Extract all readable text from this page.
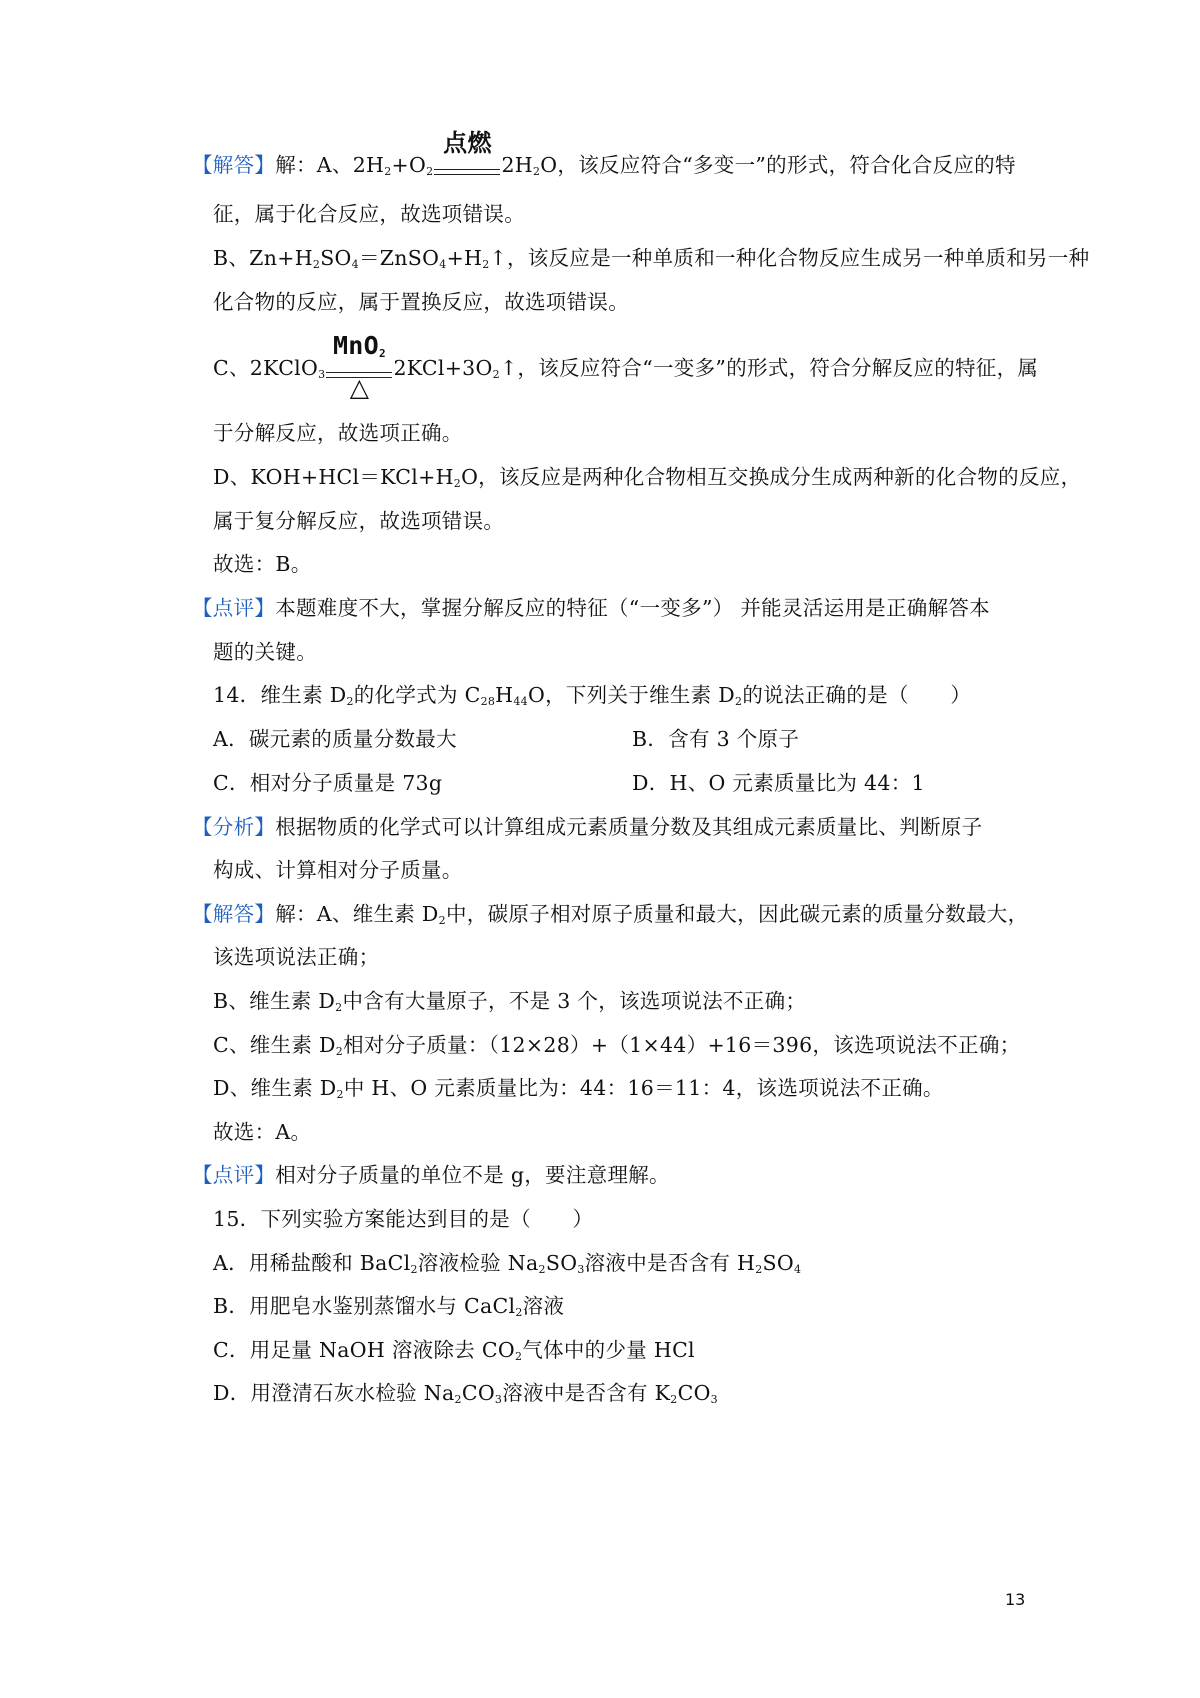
【解答】解：A、$2H_2+O_2$
点燃
$2H_2O$，该反应符合“多变一”的形式，符合化合反应的特
征，属于化合反应，故选项错误。
B、$Zn+H_2SO_4=ZnSO_4+H_2↑$，该反应是一种单质和一种化合物反应生成另一种单质和另一种
化合物的反应，属于置换反应，故选项错误。
C、2KClO$_3$
MnO$_2$
△
$2KCl+3O_2↑$，该反应符合“一变多”的形式，符合分解反应的特征，属
于分解反应，故选项正确。
D、$KOH+HCl=KCl+H_2O$，该反应是两种化合物相互交换成分生成两种新的化合物的反应，
属于复分解反应，故选项错误。
故选：B。
【点评】本题难度不大，掌握分解反应的特征（“一变多”） 并能灵活运用是正确解答本
题的关键。
14．维生素 $D_2$的化学式为 $C_{28}H_{44}O$，下列关于维生素 $D_2$的说法正确的是（　　）
A．碳元素的质量分数最大	B．含有 3 个原子
C．相对分子质量是 73g	D．H、O 元素质量比为 44：1
【分析】根据物质的化学式可以计算组成元素质量分数及其组成元素质量比、判断原子
构成、计算相对分子质量。
【解答】解：A、维生素 $D_2$中，碳原子相对原子质量和最大，因此碳元素的质量分数最大，
该选项说法正确；
B、维生素 $D_2$中含有大量原子，不是 3 个，该选项说法不正确；
C、维生素 $D_2$相对分子质量：（12×28）+（1×44）+16＝396，该选项说法不正确；
D、维生素 $D_2$中 H、O 元素质量比为：44：16＝11：4，该选项说法不正确。
故选：A。
【点评】相对分子质量的单位不是 g，要注意理解。
15．下列实验方案能达到目的是（　　）
A．用稀盐酸和 BaCl$_2$溶液检验 $Na_2SO_3$溶液中是否含有 $H_2SO_4$
B．用肥皂水鉴别蒸馏水与 CaCl$_2$溶液
C．用足量 NaOH 溶液除去 $CO_2$气体中的少量 HCl
D．用澄清石灰水检验 $Na_2CO_3$溶液中是否含有 $K_2CO_3$
13
